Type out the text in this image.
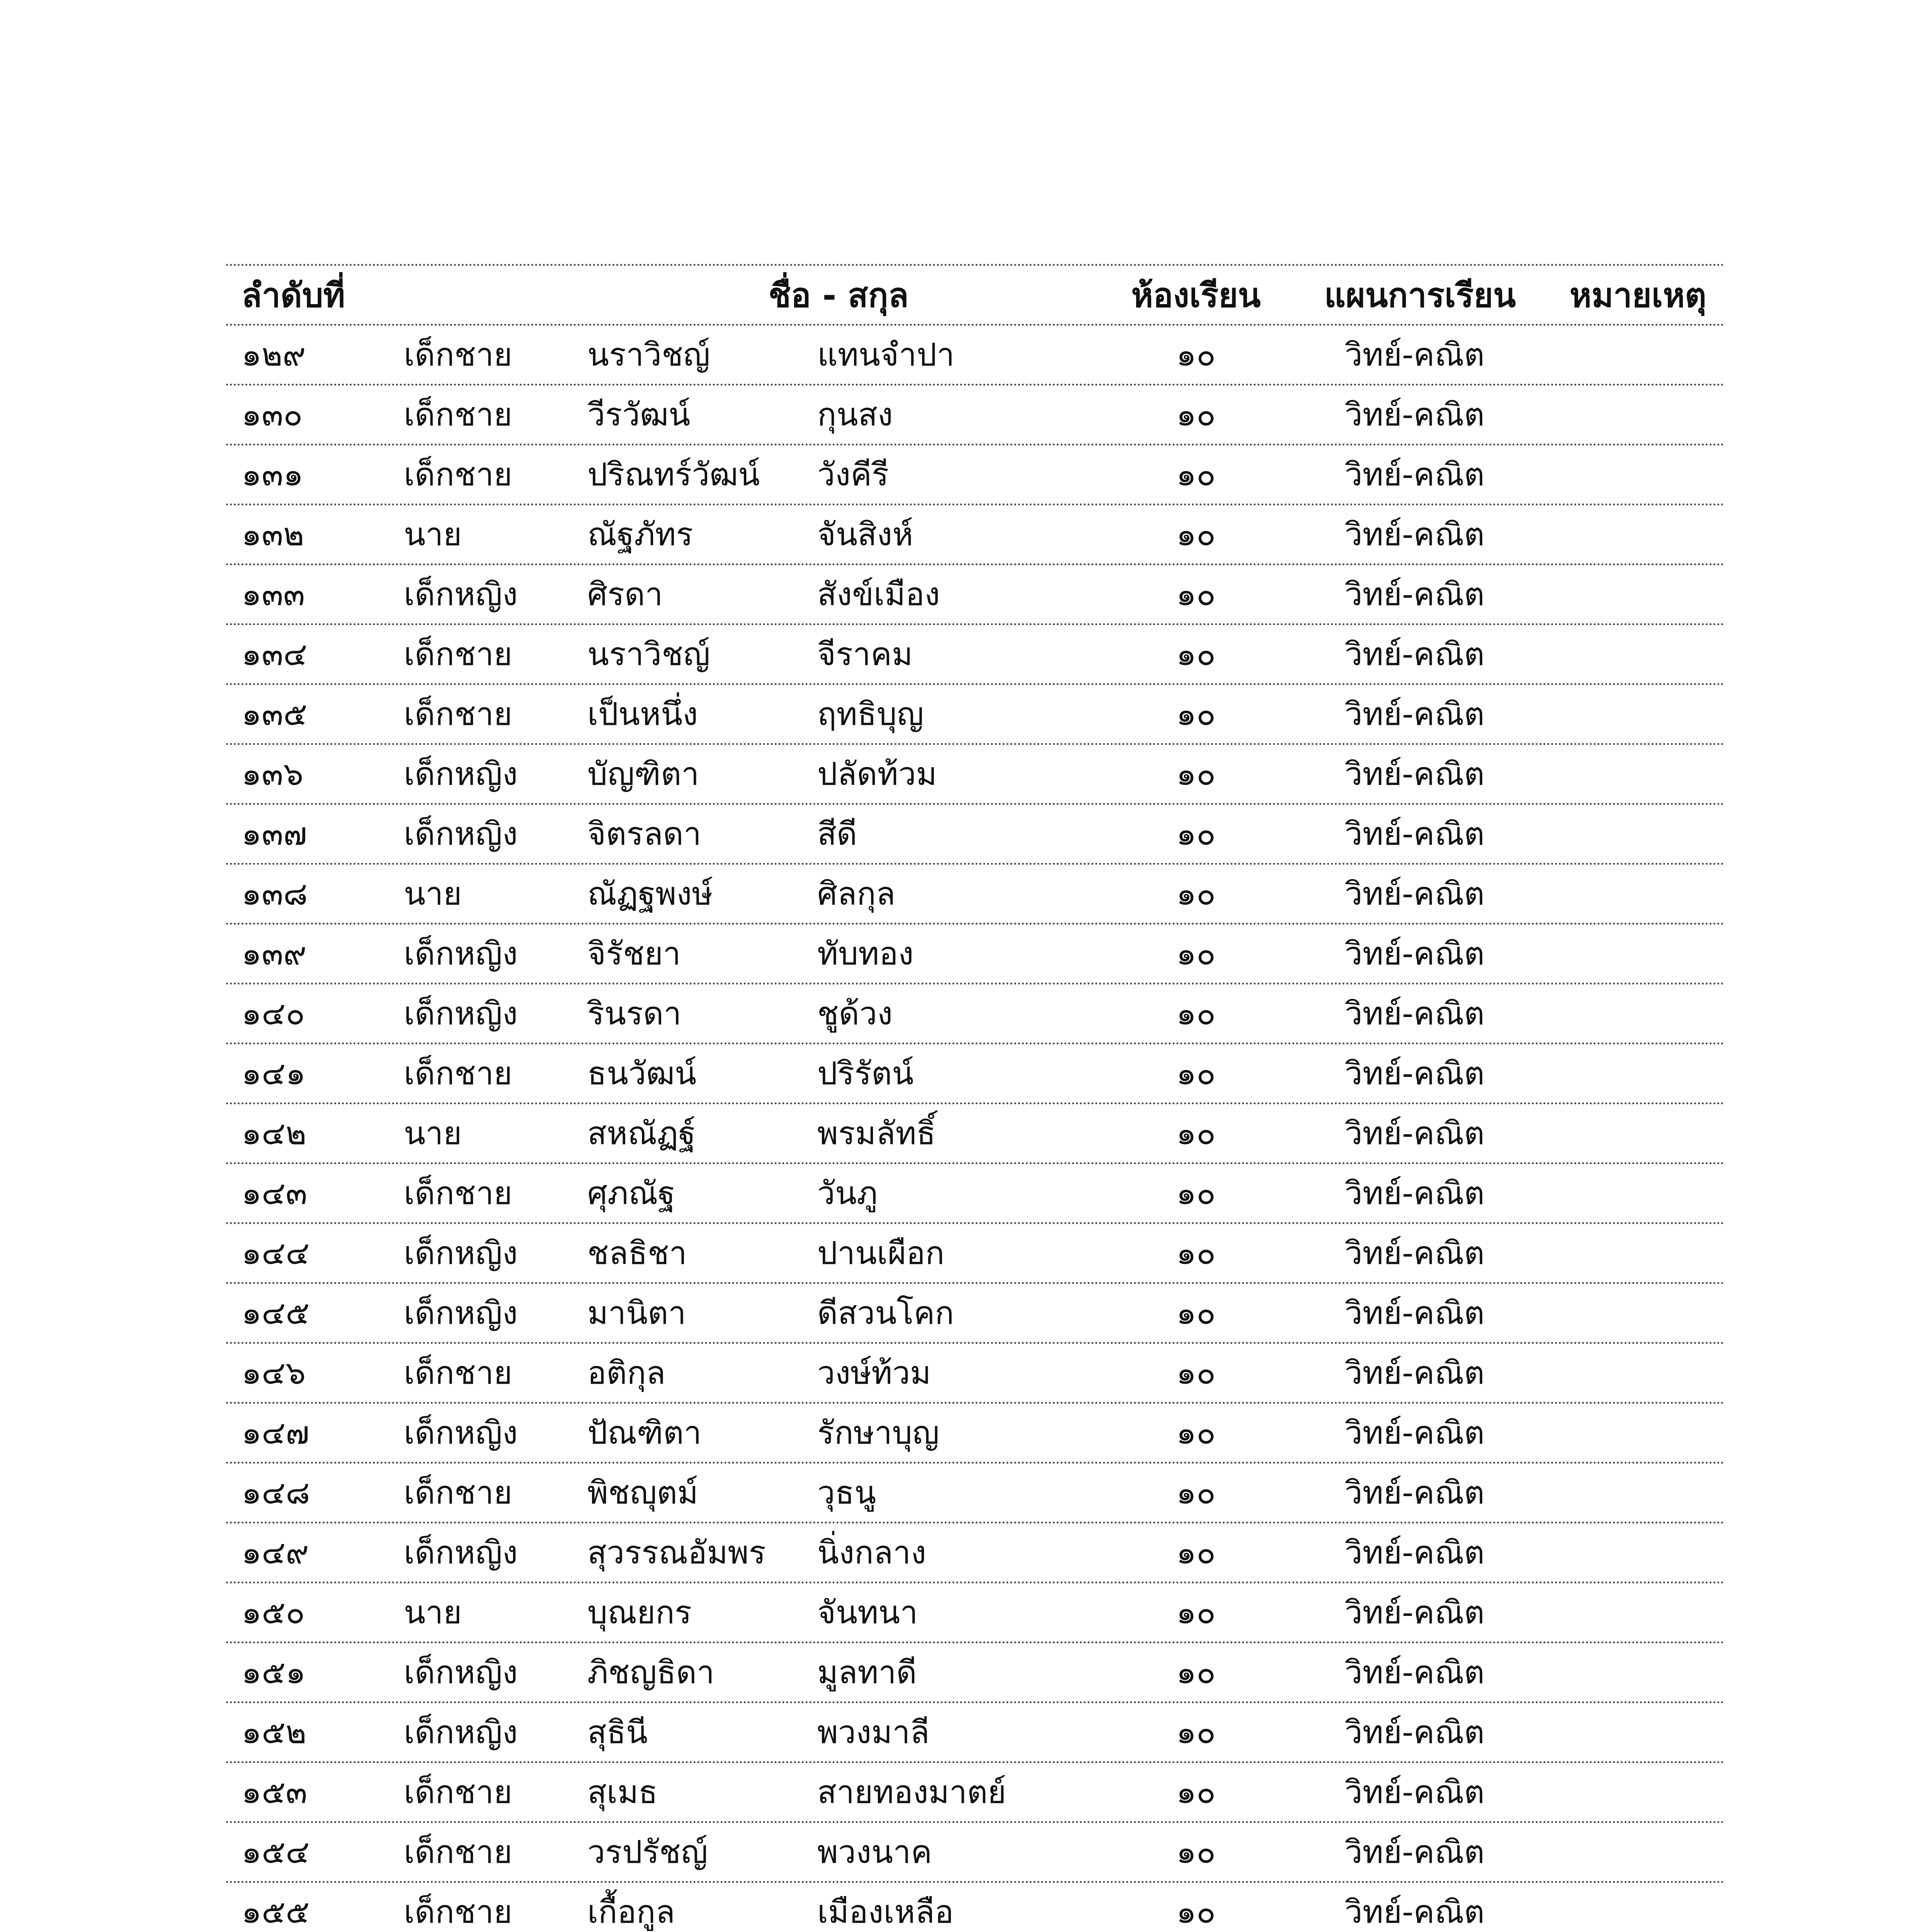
ลำดับที่	ชื่อ - สกุล	ห้องเรียน	แผนการเรียน	หมายเหตุ
๑๒๙	เด็กชาย	นราวิชญ์	แทนจำปา	๑๐	วิทย์-คณิต
๑๓๐	เด็กชาย	วีรวัฒน์	กุนสง	๑๐	วิทย์-คณิต
๑๓๑	เด็กชาย	ปริณทร์วัฒน์	วังคีรี	๑๐	วิทย์-คณิต
๑๓๒	นาย	ณัฐภัทร	จันสิงห์	๑๐	วิทย์-คณิต
๑๓๓	เด็กหญิง	ศิรดา	สังข์เมือง	๑๐	วิทย์-คณิต
๑๓๔	เด็กชาย	นราวิชญ์	จีราคม	๑๐	วิทย์-คณิต
๑๓๕	เด็กชาย	เป็นหนึ่ง	ฤทธิบุญ	๑๐	วิทย์-คณิต
๑๓๖	เด็กหญิง	บัญฑิตา	ปลัดท้วม	๑๐	วิทย์-คณิต
๑๓๗	เด็กหญิง	จิตรลดา	สีดี	๑๐	วิทย์-คณิต
๑๓๘	นาย	ณัฏฐพงษ์	ศิลกุล	๑๐	วิทย์-คณิต
๑๓๙	เด็กหญิง	จิรัชยา	ทับทอง	๑๐	วิทย์-คณิต
๑๔๐	เด็กหญิง	รินรดา	ชูด้วง	๑๐	วิทย์-คณิต
๑๔๑	เด็กชาย	ธนวัฒน์	ปริรัตน์	๑๐	วิทย์-คณิต
๑๔๒	นาย	สหณัฏฐ์	พรมลัทธิ์	๑๐	วิทย์-คณิต
๑๔๓	เด็กชาย	ศุภณัฐ	วันภู	๑๐	วิทย์-คณิต
๑๔๔	เด็กหญิง	ชลธิชา	ปานเผือก	๑๐	วิทย์-คณิต
๑๔๕	เด็กหญิง	มานิตา	ดีสวนโคก	๑๐	วิทย์-คณิต
๑๔๖	เด็กชาย	อติกุล	วงษ์ท้วม	๑๐	วิทย์-คณิต
๑๔๗	เด็กหญิง	ปัณฑิตา	รักษาบุญ	๑๐	วิทย์-คณิต
๑๔๘	เด็กชาย	พิชญุตม์	วุธนู	๑๐	วิทย์-คณิต
๑๔๙	เด็กหญิง	สุวรรณอัมพร	นิ่งกลาง	๑๐	วิทย์-คณิต
๑๕๐	นาย	บุณยกร	จันทนา	๑๐	วิทย์-คณิต
๑๕๑	เด็กหญิง	ภิชญธิดา	มูลทาดี	๑๐	วิทย์-คณิต
๑๕๒	เด็กหญิง	สุธินี	พวงมาลี	๑๐	วิทย์-คณิต
๑๕๓	เด็กชาย	สุเมธ	สายทองมาตย์	๑๐	วิทย์-คณิต
๑๕๔	เด็กชาย	วรปรัชญ์	พวงนาค	๑๐	วิทย์-คณิต
๑๕๕	เด็กชาย	เกื้อกูล	เมืองเหลือ	๑๐	วิทย์-คณิต
